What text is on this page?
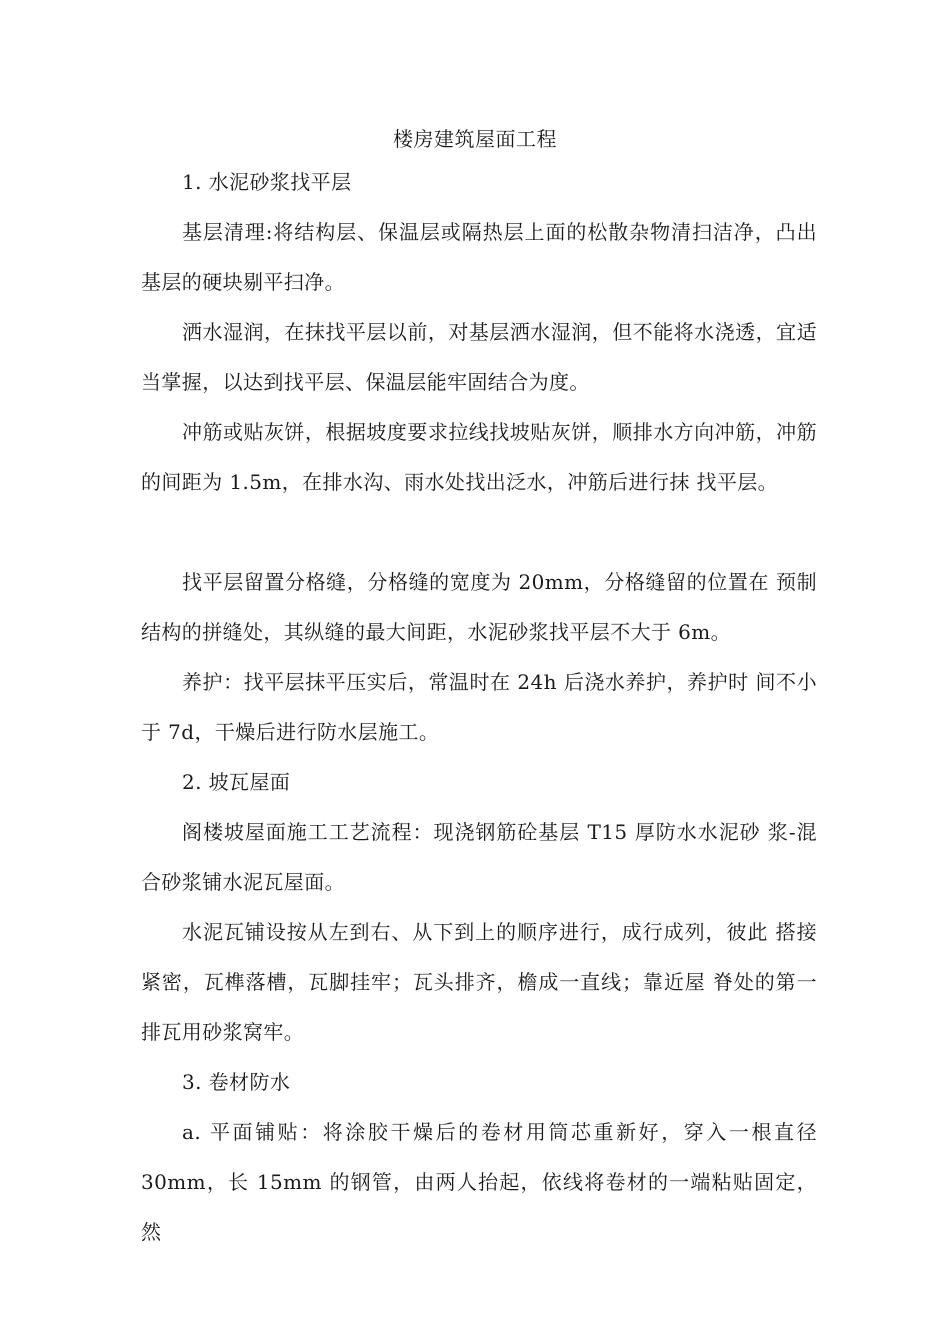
楼房建筑屋面工程

1. 水泥砂浆找平层

基层清理:将结构层、保温层或隔热层上面的松散杂物清扫洁净，凸出基层的硬块剔平扫净。

洒水湿润，在抹找平层以前，对基层洒水湿润，但不能将水浇透，宜适当掌握，以达到找平层、保温层能牢固结合为度。

冲筋或贴灰饼，根据坡度要求拉线找坡贴灰饼，顺排水方向冲筋，冲筋的间距为 1.5m，在排水沟、雨水处找出泛水，冲筋后进行抹 找平层。

找平层留置分格缝，分格缝的宽度为 20mm，分格缝留的位置在 预制结构的拼缝处，其纵缝的最大间距，水泥砂浆找平层不大于 6m。

养护：找平层抹平压实后，常温时在 24h 后浇水养护，养护时 间不小于 7d，干燥后进行防水层施工。

2. 坡瓦屋面

阁楼坡屋面施工工艺流程：现浇钢筋砼基层 T15 厚防水水泥砂 浆-混合砂浆铺水泥瓦屋面。

水泥瓦铺设按从左到右、从下到上的顺序进行，成行成列，彼此 搭接紧密，瓦榫落槽，瓦脚挂牢；瓦头排齐，檐成一直线；靠近屋 脊处的第一排瓦用砂浆窝牢。

3. 卷材防水

a. 平面铺贴：将涂胶干燥后的卷材用筒芯重新好，穿入一根直径 30mm，长 15mm 的钢管，由两人抬起，依线将卷材的一端粘贴固定， 然
